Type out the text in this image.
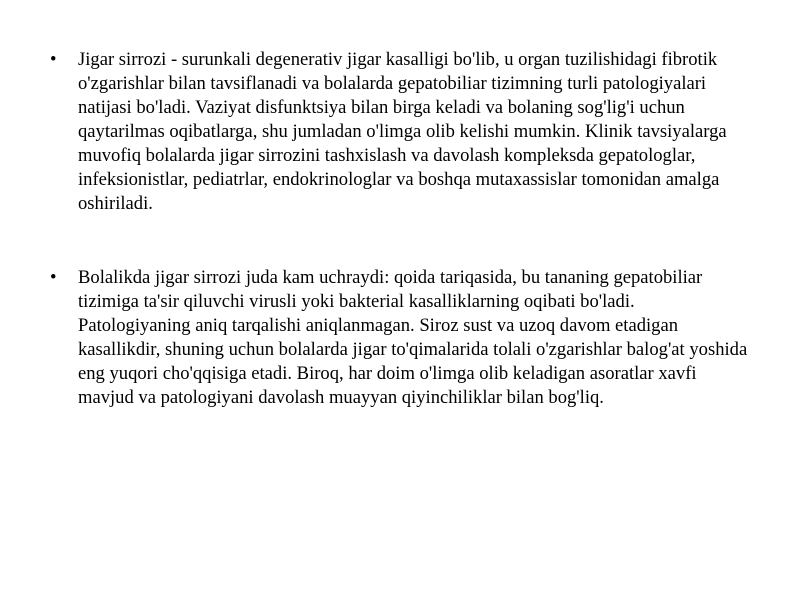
• Jigar sirrozi - surunkali degenerativ jigar kasalligi bo'lib, u organ tuzilishidagi fibrotik o'zgarishlar bilan tavsiflanadi va bolalarda gepatobiliar tizimning turli patologiyalari natijasi bo'ladi. Vaziyat disfunktsiya bilan birga keladi va bolaning sog'lig'i uchun qaytarilmas oqibatlarga, shu jumladan o'limga olib kelishi mumkin. Klinik tavsiyalarga muvofiq bolalarda jigar sirrozini tashxislash va davolash kompleksda gepatologlar, infeksionistlar, pediatrlar, endokrinologlar va boshqa mutaxassislar tomonidan amalga oshiriladi.
• Bolalikda jigar sirrozi juda kam uchraydi: qoida tariqasida, bu tananing gepatobiliar tizimiga ta'sir qiluvchi virusli yoki bakterial kasalliklarning oqibati bo'ladi. Patologiyaning aniq tarqalishi aniqlanmagan. Siroz sust va uzoq davom etadigan kasallikdir, shuning uchun bolalarda jigar to'qimalarida tolali o'zgarishlar balog'at yoshida eng yuqori cho'qqisiga etadi. Biroq, har doim o'limga olib keladigan asoratlar xavfi mavjud va patologiyani davolash muayyan qiyinchiliklar bilan bog'liq.
